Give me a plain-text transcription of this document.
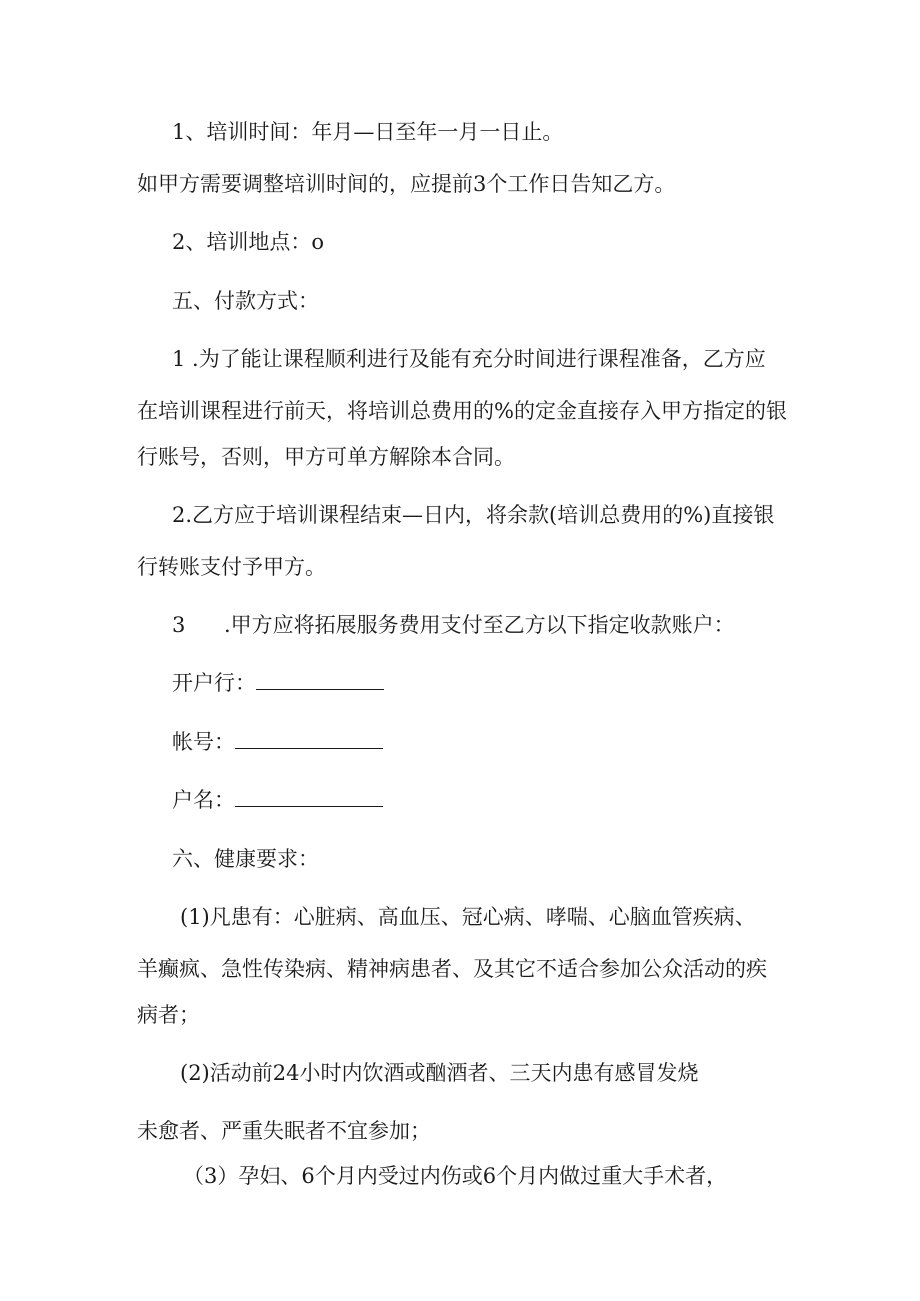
1、培训时间：年月—日至年一月一日止。

如甲方需要调整培训时间的，应提前3个工作日告知乙方。

2、培训地点：o

五、付款方式：

1 .为了能让课程顺利进行及能有充分时间进行课程准备，乙方应

在培训课程进行前天，将培训总费用的%的定金直接存入甲方指定的银

行账号，否则，甲方可单方解除本合同。

2.乙方应于培训课程结束—日内，将余款(培训总费用的%)直接银

行转账支付予甲方。

3 .甲方应将拓展服务费用支付至乙方以下指定收款账户：

开户行：

帐号：

户名：

六、健康要求：

(1)凡患有：心脏病、高血压、冠心病、哮喘、心脑血管疾病、

羊癫疯、急性传染病、精神病患者、及其它不适合参加公众活动的疾

病者；

(2)活动前24小时内饮酒或酗酒者、三天内患有感冒发烧

未愈者、严重失眠者不宜参加；

（3）孕妇、6个月内受过内伤或6个月内做过重大手术者，
